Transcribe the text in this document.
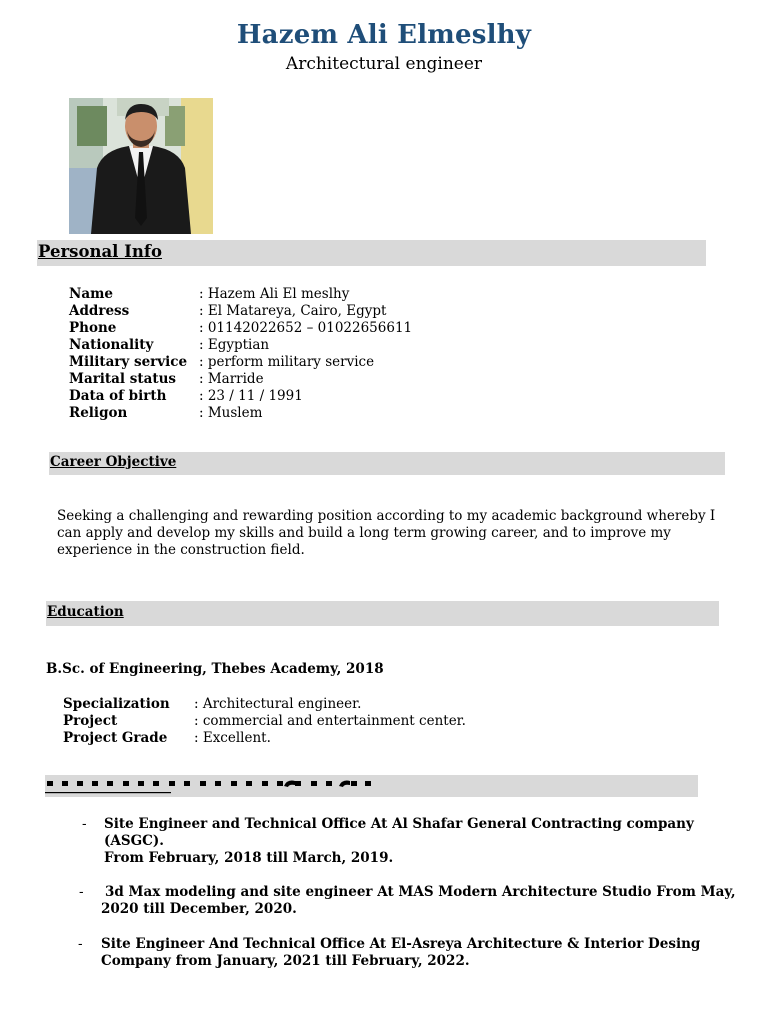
Hazem Ali Elmeslhy
Architectural engineer
Personal Info
Name	: Hazem Ali El meslhy
Address	: El Matareya, Cairo, Egypt
Phone	: 01142022652 – 01022656611
Nationality	: Egyptian
Military service : perform military service
Marital status : Marride
Data of birth : 23 / 11 / 1991
Religon	: Muslem
Career Objective
Seeking a challenging and rewarding position according to my academic background whereby I
can apply and develop my skills and build a long term growing career, and to improve my
experience in the construction field.
Education
B.Sc. of Engineering, Thebes Academy, 2018
Specialization : Architectural engineer.
Project	: commercial and entertainment center.
Project Grade : Excellent.
- Site Engineer and Technical Office At Al Shafar General Contracting company
(ASGC).
From February, 2018 till March, 2019.
- 3d Max modeling and site engineer At MAS Modern Architecture Studio From May,
2020 till December, 2020.
- Site Engineer And Technical Office At El-Asreya Architecture & Interior Desing
Company from January, 2021 till February, 2022.
